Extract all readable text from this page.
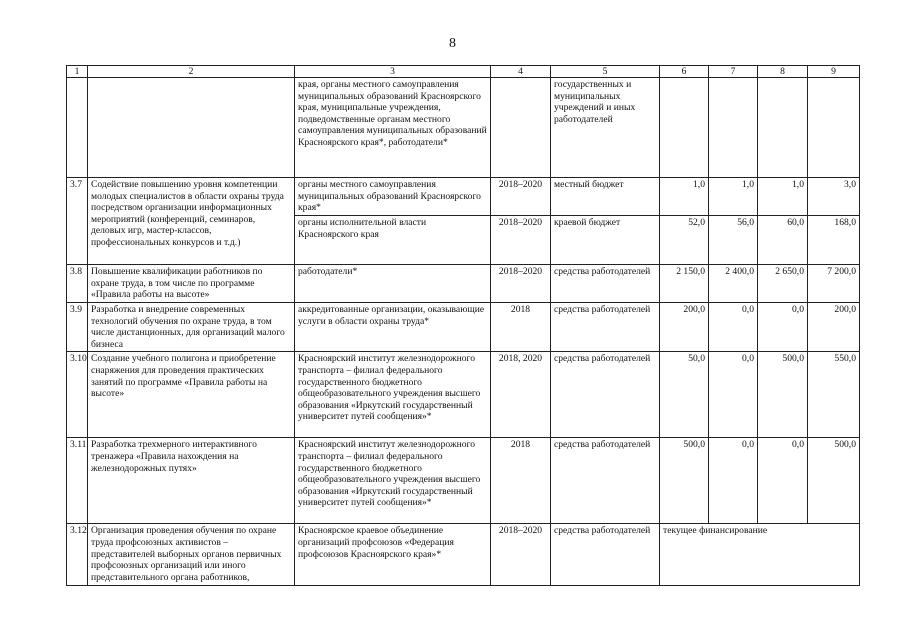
8
1	2	3	4	5	6	7	8	9
		края, органы местного самоуправления муниципальных образований Красноярского края, муниципальные учреждения, подведомственные органам местного самоуправления муниципальных образований Красноярского края*, работодатели*		государственных и муниципальных учреждений и иных работодателей				
3.7	Содействие повышению уровня компетенции молодых специалистов в области охраны труда посредством организации информационных мероприятий (конференций, семинаров, деловых игр, мастер-классов, профессиональных конкурсов и т.д.)	органы местного самоуправления муниципальных образований Красноярского края*	2018–2020	местный бюджет	1,0	1,0	1,0	3,0
		органы исполнительной власти Красноярского края	2018–2020	краевой бюджет	52,0	56,0	60,0	168,0
3.8	Повышение квалификации работников по охране труда, в том числе по программе «Правила работы на высоте»	работодатели*	2018–2020	средства работодателей	2 150,0	2 400,0	2 650,0	7 200,0
3.9	Разработка и внедрение современных технологий обучения по охране труда, в том числе дистанционных, для организаций малого бизнеса	аккредитованные организации, оказывающие услуги в области охраны труда*	2018	средства работодателей	200,0	0,0	0,0	200,0
3.10	Создание учебного полигона и приобретение снаряжения для проведения практических занятий по программе «Правила работы на высоте»	Красноярский институт железнодорожного транспорта – филиал федерального государственного бюджетного общеобразовательного учреждения высшего образования «Иркутский государственный университет путей сообщения»*	2018, 2020	средства работодателей	50,0	0,0	500,0	550,0
3.11	Разработка трехмерного интерактивного тренажера «Правила нахождения на железнодорожных путях»	Красноярский институт железнодорожного транспорта – филиал федерального государственного бюджетного общеобразовательного учреждения высшего образования «Иркутский государственный университет путей сообщения»*	2018	средства работодателей	500,0	0,0	0,0	500,0
3.12	Организация проведения обучения по охране труда профсоюзных активистов – представителей выборных органов первичных профсоюзных организаций или иного представительного органа работников,	Красноярское краевое объединение организаций профсоюзов «Федерация профсоюзов Красноярского края»*	2018–2020	средства работодателей	текущее финансирование			
